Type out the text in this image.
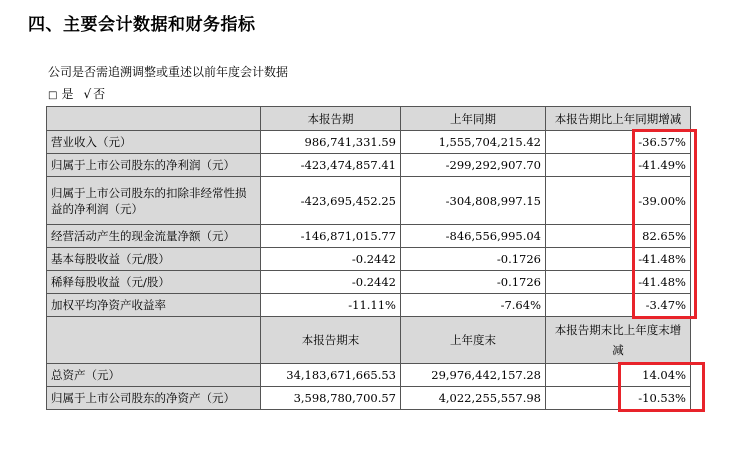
四、主要会计数据和财务指标
公司是否需追溯调整或重述以前年度会计数据
□ 是 √ 否
	本报告期	上年同期	本报告期比上年同期增减
营业收入（元）	986,741,331.59	1,555,704,215.42	-36.57%
归属于上市公司股东的净利润（元）	-423,474,857.41	-299,292,907.70	-41.49%
归属于上市公司股东的扣除非经常性损益的净利润（元）	-423,695,452.25	-304,808,997.15	-39.00%
经营活动产生的现金流量净额（元）	-146,871,015.77	-846,556,995.04	82.65%
基本每股收益（元/股）	-0.2442	-0.1726	-41.48%
稀释每股收益（元/股）	-0.2442	-0.1726	-41.48%
加权平均净资产收益率	-11.11%	-7.64%	-3.47%
	本报告期末	上年度末	本报告期末比上年度末增减
总资产（元）	34,183,671,665.53	29,976,442,157.28	14.04%
归属于上市公司股东的净资产（元）	3,598,780,700.57	4,022,255,557.98	-10.53%
